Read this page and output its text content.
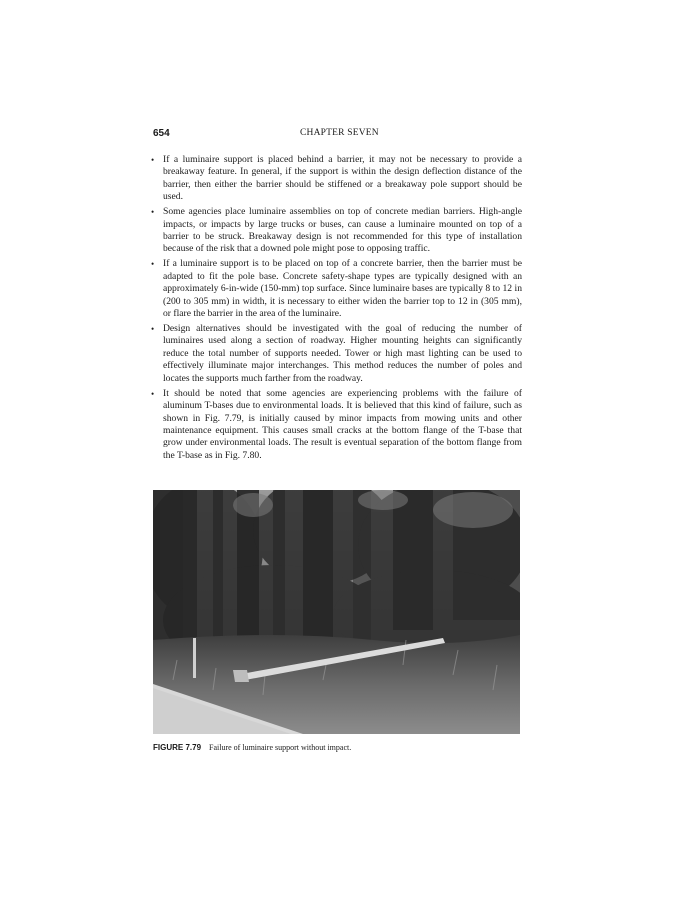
654	CHAPTER SEVEN
• If a luminaire support is placed behind a barrier, it may not be necessary to provide a breakaway feature. In general, if the support is within the design deflection distance of the barrier, then either the barrier should be stiffened or a breakaway pole support should be used.
• Some agencies place luminaire assemblies on top of concrete median barriers. High-angle impacts, or impacts by large trucks or buses, can cause a luminaire mounted on top of a barrier to be struck. Breakaway design is not recommended for this type of installation because of the risk that a downed pole might pose to opposing traffic.
• If a luminaire support is to be placed on top of a concrete barrier, then the barrier must be adapted to fit the pole base. Concrete safety-shape types are typically designed with an approximately 6-in-wide (150-mm) top surface. Since luminaire bases are typically 8 to 12 in (200 to 305 mm) in width, it is necessary to either widen the barrier top to 12 in (305 mm), or flare the barrier in the area of the luminaire.
• Design alternatives should be investigated with the goal of reducing the number of luminaires used along a section of roadway. Higher mounting heights can significantly reduce the total number of supports needed. Tower or high mast lighting can be used to effectively illuminate major interchanges. This method reduces the number of poles and locates the supports much farther from the roadway.
• It should be noted that some agencies are experiencing problems with the failure of aluminum T-bases due to environmental loads. It is believed that this kind of failure, such as shown in Fig. 7.79, is initially caused by minor impacts from mowing units and other maintenance equipment. This causes small cracks at the bottom flange of the T-base that grow under environmental loads. The result is eventual separation of the bottom flange from the T-base as in Fig. 7.80.
FIGURE 7.79 Failure of luminaire support without impact.
